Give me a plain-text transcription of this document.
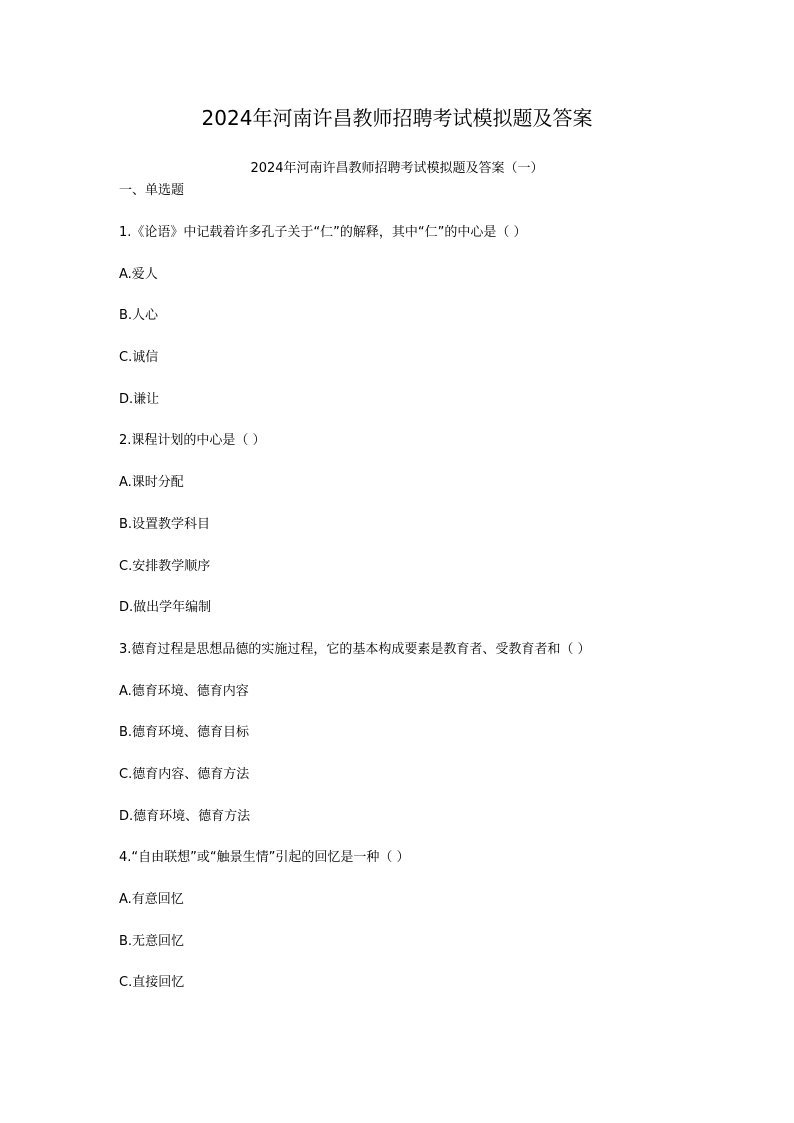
2024年河南许昌教师招聘考试模拟题及答案
2024年河南许昌教师招聘考试模拟题及答案（一）
一、单选题
1.《论语》中记载着许多孔子关于“仁”的解释，其中“仁”的中心是（ ）
A.爱人
B.人心
C.诚信
D.谦让
2.课程计划的中心是（ ）
A.课时分配
B.设置教学科目
C.安排教学顺序
D.做出学年编制
3.德育过程是思想品德的实施过程，它的基本构成要素是教育者、受教育者和（ ）
A.德育环境、德育内容
B.德育环境、德育目标
C.德育内容、德育方法
D.德育环境、德育方法
4.“自由联想”或“触景生情”引起的回忆是一种（ ）
A.有意回忆
B.无意回忆
C.直接回忆
